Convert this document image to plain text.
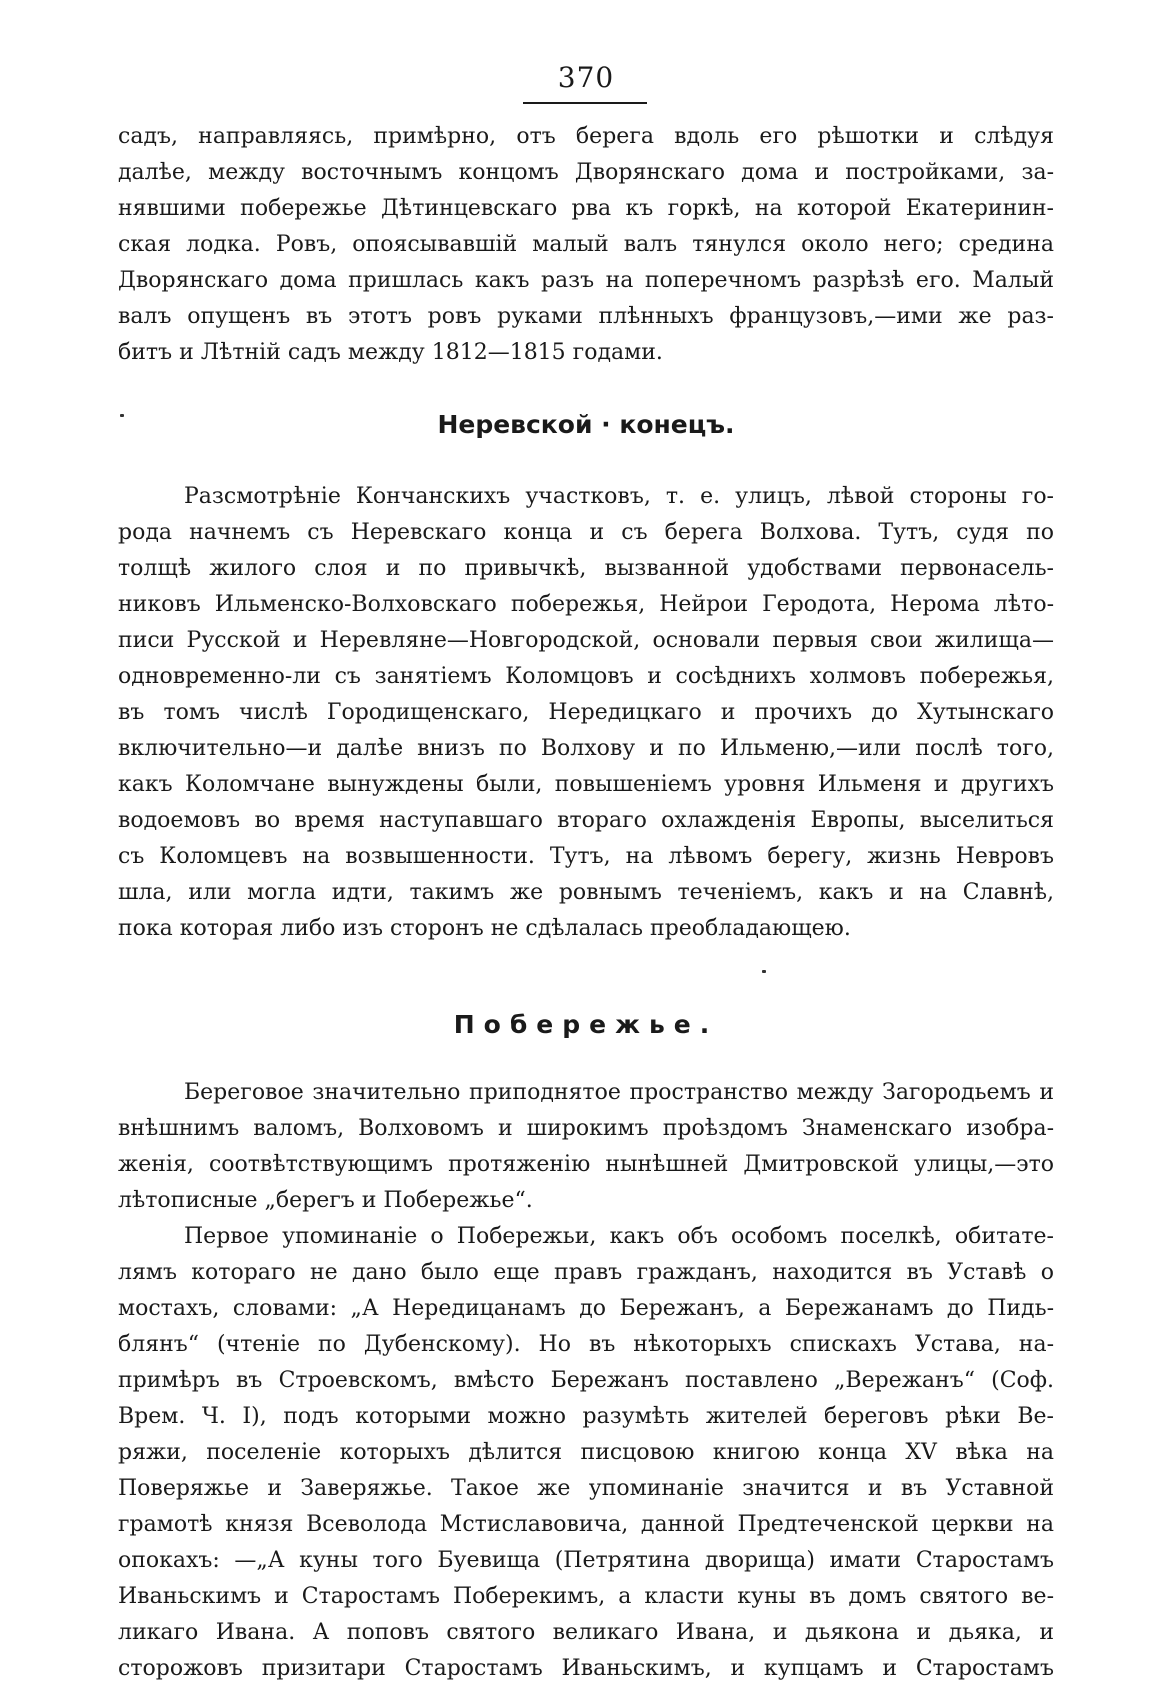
370
садъ, направляясь, примѣрно, отъ берега вдоль его рѣшотки и слѣдуя
далѣе, между восточнымъ концомъ Дворянскаго дома и постройками, за-
нявшими побережье Дѣтинцевскаго рва къ горкѣ, на которой Екатеринин-
ская лодка. Ровъ, опоясывавшій малый валъ тянулся около него; средина
Дворянскаго дома пришлась какъ разъ на поперечномъ разрѣзѣ его. Малый
валъ опущенъ въ этотъ ровъ руками плѣнныхъ французовъ,—ими же раз-
битъ и Лѣтній садъ между 1812—1815 годами.
Неревской · конецъ.
Разсмотрѣніе Кончанскихъ участковъ, т. е. улицъ, лѣвой стороны го-
рода начнемъ съ Неревскаго конца и съ берега Волхова. Тутъ, судя по
толщѣ жилого слоя и по привычкѣ, вызванной удобствами первонасель-
никовъ Ильменско-Волховскаго побережья, Нейрои Геродота, Нерома лѣто-
писи Русской и Неревляне—Новгородской, основали первыя свои жилища—
одновременно-ли съ занятіемъ Коломцовъ и сосѣднихъ холмовъ побережья,
въ томъ числѣ Городищенскаго, Нередицкаго и прочихъ до Хутынскаго
включительно—и далѣе внизъ по Волхову и по Ильменю,—или послѣ того,
какъ Коломчане вынуждены были, повышеніемъ уровня Ильменя и другихъ
водоемовъ во время наступавшаго втораго охлажденія Европы, выселиться
съ Коломцевъ на возвышенности. Тутъ, на лѣвомъ берегу, жизнь Невровъ
шла, или могла идти, такимъ же ровнымъ теченіемъ, какъ и на Славнѣ,
пока которая либо изъ сторонъ не сдѣлалась преобладающею.
Побережье.
Береговое значительно приподнятое пространство между Загородьемъ и
внѣшнимъ валомъ, Волховомъ и широкимъ проѣздомъ Знаменскаго изобра-
женія, соотвѣтствующимъ протяженію нынѣшней Дмитровской улицы,—это
лѣтописные „берегъ и Побережье“.
Первое упоминаніе о Побережьи, какъ объ особомъ поселкѣ, обитате-
лямъ котораго не дано было еще правъ гражданъ, находится въ Уставѣ о
мостахъ, словами: „А Нередицанамъ до Бережанъ, а Бережанамъ до Пидь-
блянъ“ (чтеніе по Дубенскому). Но въ нѣкоторыхъ спискахъ Устава, на-
примѣръ въ Строевскомъ, вмѣсто Бережанъ поставлено „Вережанъ“ (Соф.
Врем. Ч. I), подъ которыми можно разумѣть жителей береговъ рѣки Ве-
ряжи, поселеніе которыхъ дѣлится писцовою книгою конца XV вѣка на
Поверяжье и Заверяжье. Такое же упоминаніе значится и въ Уставной
грамотѣ князя Всеволода Мстиславовича, данной Предтеченской церкви на
опокахъ: —„А куны того Буевища (Петрятина дворища) имати Старостамъ
Иваньскимъ и Старостамъ Поберекимъ, а класти куны въ домъ святого ве-
ликаго Ивана. А поповъ святого великаго Ивана, и дьякона и дьяка, и
сторожовъ призитари Старостамъ Иваньскимъ, и купцамъ и Старостамъ
